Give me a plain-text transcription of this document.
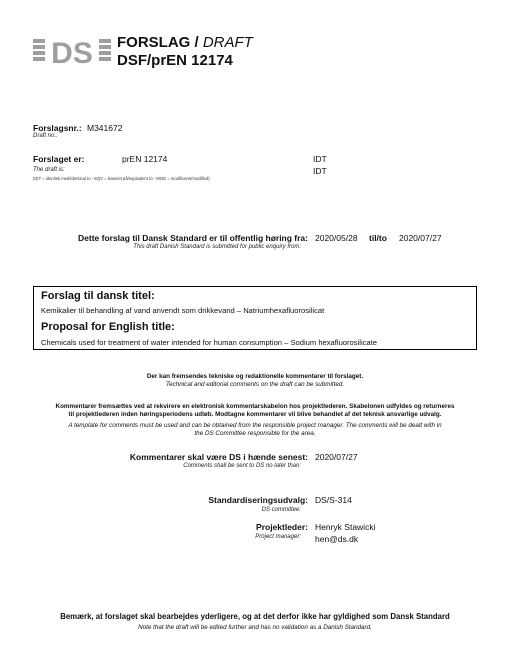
DS FORSLAG / DRAFT
DSF/prEN 12174
Forslagsnr.:
Draft no.:
M341672
Forslaget er:
The draft is:
prEN 12174	IDT
IDT
(IDT = identisk med/identical to - EQV = baseret på/equivalent to - MOD = modificeret/modified)
Dette forslag til Dansk Standard er til offentlig høring fra:
This draft Danish Standard is submitted for public enquiry from:
2020/05/28 til/to 2020/07/27
Forslag til dansk titel:
Kemikalier til behandling af vand anvendt som drikkevand – Natriumhexafluorosilicat
Proposal for English title:
Chemicals used for treatment of water intended for human consumption – Sodium hexafluorosilicate
Der kan fremsendes tekniske og redaktionelle kommentarer til forslaget.
Technical and editorial comments on the draft can be submitted.
Kommentarer fremsættes ved at rekvirere en elektronisk kommentarskabelon hos projektlederen. Skabelonen udfyldes og returneres
til projektlederen inden høringsperiodens udløb. Modtagne kommentarer vil blive behandlet af det teknisk ansvarlige udvalg.
A template for comments must be used and can be obtained from the responsible project manager. The comments will be dealt with in
the DS Committee responsible for the area.
Kommentarer skal være DS i hænde senest:
Comments shall be sent to DS no later than:
2020/07/27
Standardiseringsudvalg:
DS committee:
DS/S-314
Projektleder:
Project manager:
Henryk Stawicki
hen@ds.dk
Bemærk, at forslaget skal bearbejdes yderligere, og at det derfor ikke har gyldighed som Dansk Standard
Note that the draft will be edited further and has no validation as a Danish Standard.
